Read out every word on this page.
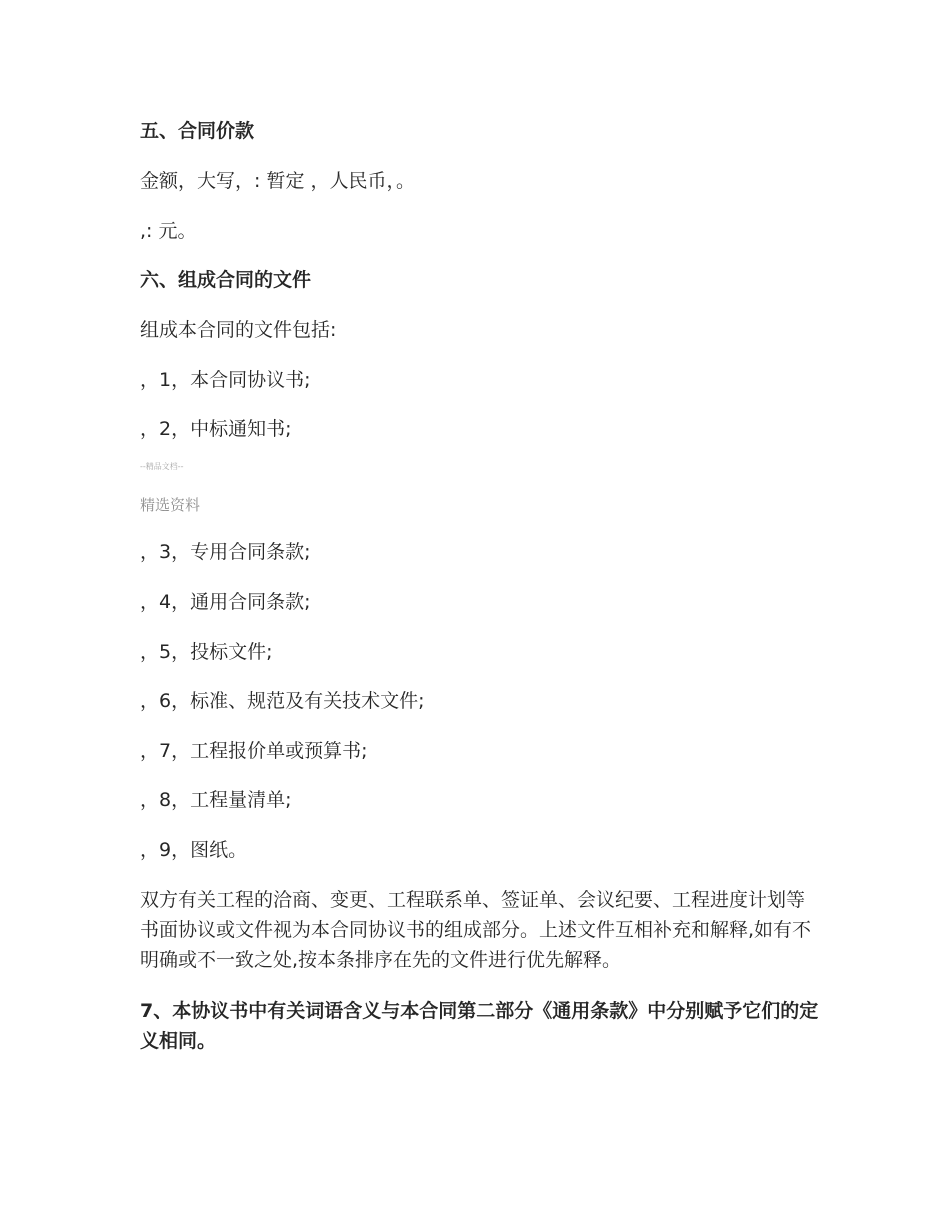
五、合同价款
金额，大写，: 暂定 ，人民币，。
,: 元。
六、组成合同的文件
组成本合同的文件包括:
，1，本合同协议书;
，2，中标通知书;
--精品文档--
精选资料
，3，专用合同条款;
，4，通用合同条款;
，5，投标文件;
，6，标准、规范及有关技术文件;
，7，工程报价单或预算书;
，8，工程量清单;
，9，图纸。
双方有关工程的洽商、变更、工程联系单、签证单、会议纪要、工程进度计划等书面协议或文件视为本合同协议书的组成部分。上述文件互相补充和解释,如有不明确或不一致之处,按本条排序在先的文件进行优先解释。
7、本协议书中有关词语含义与本合同第二部分《通用条款》中分别赋予它们的定义相同。
